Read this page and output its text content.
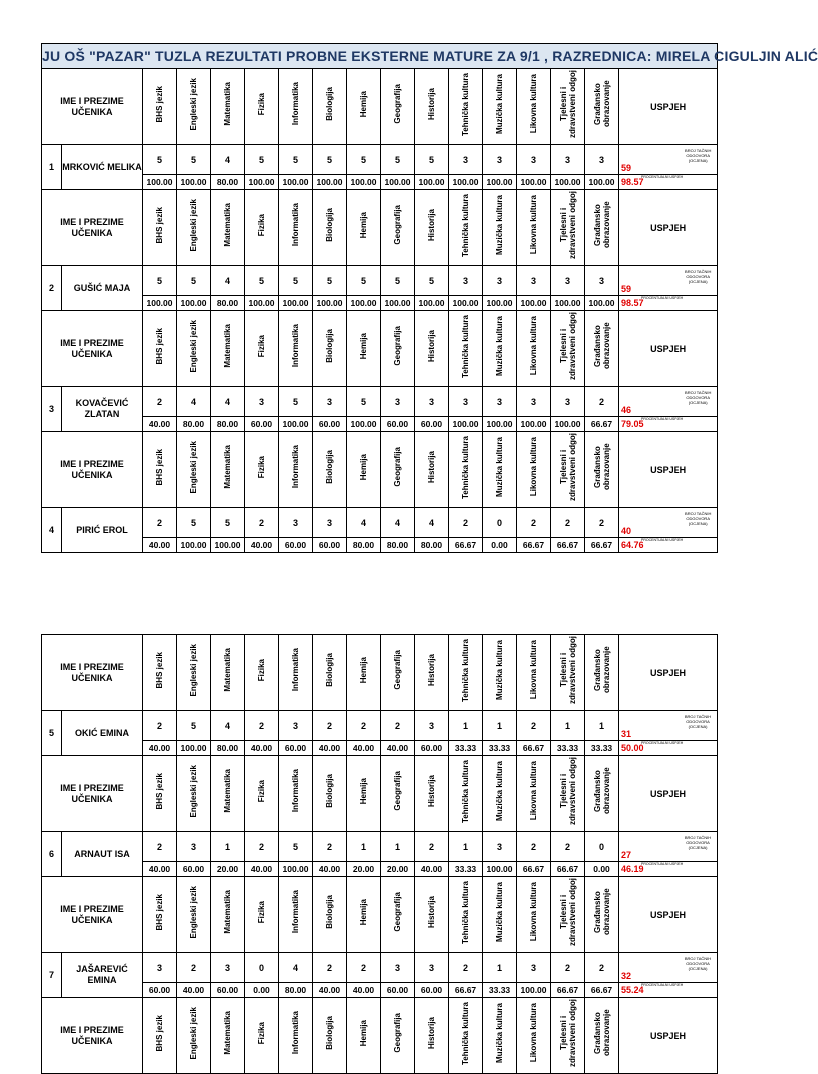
JU OŠ "PAZAR" TUZLA REZULTATI PROBNE EKSTERNE MATURE ZA 9/1 , RAZREDNICA: MIRELA CIGULJIN ALIĆ																
IME I PREZIME UČENIKA		BHS jezik	Engleski jezik	Matematika	Fizika	Informatika	Biologija	Hemija	Geografija	Historija	Tehnička kultura	Muzička kultura	Likovna kultura	Tjelesni i zdravstveni odgoj	Građansko obrazovanje	USPJEH
1	MRKOVIĆ MELIKA	5	5	4	5	5	5	5	5	5	3	3	3	3	3	59
BROJ TAČNIH ODGOVORA (OCJENA)

		100.00	100.00	80.00	100.00	100.00	100.00	100.00	100.00	100.00	100.00	100.00	100.00	100.00	100.00	98.57
PROCENTUALNI USPJEH

IME I PREZIME UČENIKA		BHS jezik	Engleski jezik	Matematika	Fizika	Informatika	Biologija	Hemija	Geografija	Historija	Tehnička kultura	Muzička kultura	Likovna kultura	Tjelesni i zdravstveni odgoj	Građansko obrazovanje	USPJEH
2	GUŠIĆ MAJA	5	5	4	5	5	5	5	5	5	3	3	3	3	3	59
BROJ TAČNIH ODGOVORA (OCJENA)

		100.00	100.00	80.00	100.00	100.00	100.00	100.00	100.00	100.00	100.00	100.00	100.00	100.00	100.00	98.57
PROCENTUALNI USPJEH

IME I PREZIME UČENIKA		BHS jezik	Engleski jezik	Matematika	Fizika	Informatika	Biologija	Hemija	Geografija	Historija	Tehnička kultura	Muzička kultura	Likovna kultura	Tjelesni i zdravstveni odgoj	Građansko obrazovanje	USPJEH
3	KOVAČEVIĆ ZLATAN	2	4	4	3	5	3	5	3	3	3	3	3	3	2	46
BROJ TAČNIH ODGOVORA (OCJENA)

		40.00	80.00	80.00	60.00	100.00	60.00	100.00	60.00	60.00	100.00	100.00	100.00	100.00	66.67	79.05
PROCENTUALNI USPJEH

IME I PREZIME UČENIKA		BHS jezik	Engleski jezik	Matematika	Fizika	Informatika	Biologija	Hemija	Geografija	Historija	Tehnička kultura	Muzička kultura	Likovna kultura	Tjelesni i zdravstveni odgoj	Građansko obrazovanje	USPJEH
4	PIRIĆ EROL	2	5	5	2	3	3	4	4	4	2	0	2	2	2	40
BROJ TAČNIH ODGOVORA (OCJENA)

		40.00	100.00	100.00	40.00	60.00	60.00	80.00	80.00	80.00	66.67	0.00	66.67	66.67	66.67	64.76
PROCENTUALNI USPJEH
IME I PREZIME UČENIKA		BHS jezik	Engleski jezik	Matematika	Fizika	Informatika	Biologija	Hemija	Geografija	Historija	Tehnička kultura	Muzička kultura	Likovna kultura	Tjelesni i zdravstveni odgoj	Građansko obrazovanje	USPJEH
5	OKIĆ EMINA	2	5	4	2	3	2	2	2	3	1	1	2	1	1	31
BROJ TAČNIH ODGOVORA (OCJENA)

		40.00	100.00	80.00	40.00	60.00	40.00	40.00	40.00	60.00	33.33	33.33	66.67	33.33	33.33	50.00
PROCENTUALNI USPJEH

IME I PREZIME UČENIKA		BHS jezik	Engleski jezik	Matematika	Fizika	Informatika	Biologija	Hemija	Geografija	Historija	Tehnička kultura	Muzička kultura	Likovna kultura	Tjelesni i zdravstveni odgoj	Građansko obrazovanje	USPJEH
6	ARNAUT ISA	2	3	1	2	5	2	1	1	2	1	3	2	2	0	27
BROJ TAČNIH ODGOVORA (OCJENA)

		40.00	60.00	20.00	40.00	100.00	40.00	20.00	20.00	40.00	33.33	100.00	66.67	66.67	0.00	46.19
PROCENTUALNI USPJEH

IME I PREZIME UČENIKA		BHS jezik	Engleski jezik	Matematika	Fizika	Informatika	Biologija	Hemija	Geografija	Historija	Tehnička kultura	Muzička kultura	Likovna kultura	Tjelesni i zdravstveni odgoj	Građansko obrazovanje	USPJEH
7	JAŠAREVIĆ EMINA	3	2	3	0	4	2	2	3	3	2	1	3	2	2	32
BROJ TAČNIH ODGOVORA (OCJENA)

		60.00	40.00	60.00	0.00	80.00	40.00	40.00	60.00	60.00	66.67	33.33	100.00	66.67	66.67	55.24
PROCENTUALNI USPJEH

IME I PREZIME UČENIKA		BHS jezik	Engleski jezik	Matematika	Fizika	Informatika	Biologija	Hemija	Geografija	Historija	Tehnička kultura	Muzička kultura	Likovna kultura	Tjelesni i zdravstveni odgoj	Građansko obrazovanje	USPJEH
